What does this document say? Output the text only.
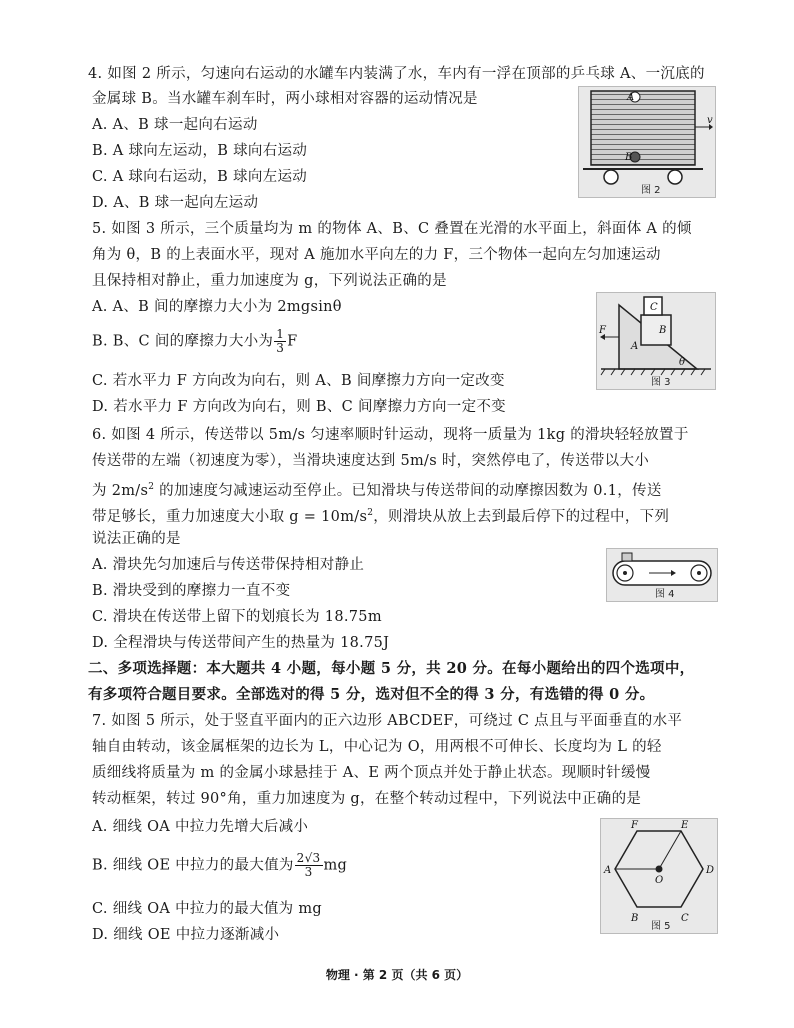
4. 如图 2 所示，匀速向右运动的水罐车内装满了水，车内有一浮在顶部的乒乓球 A、一沉底的
金属球 B。当水罐车刹车时，两小球相对容器的运动情况是
A. A、B 球一起向右运动
B. A 球向左运动，B 球向右运动
C. A 球向右运动，B 球向左运动
D. A、B 球一起向左运动
A
B
v
图 2
5. 如图 3 所示，三个质量均为 m 的物体 A、B、C 叠置在光滑的水平面上，斜面体 A 的倾
角为 θ，B 的上表面水平，现对 A 施加水平向左的力 F，三个物体一起向左匀加速运动
且保持相对静止，重力加速度为 g，下列说法正确的是
A. A、B 间的摩擦力大小为 2mgsinθ
B. B、C 间的摩擦力大小为 $\frac{1}{3}$ F
C. 若水平力 F 方向改为向右，则 A、B 间摩擦力方向一定改变
D. 若水平力 F 方向改为向右，则 B、C 间摩擦力方向一定不变
C
B
A
θ
F
图 3
6. 如图 4 所示，传送带以 5m/s 匀速率顺时针运动，现将一质量为 1kg 的滑块轻轻放置于
传送带的左端（初速度为零），当滑块速度达到 5m/s 时，突然停电了，传送带以大小
为 $2m/s^2$ 的加速度匀减速运动至停止。已知滑块与传送带间的动摩擦因数为 0.1，传送
带足够长，重力加速度大小取 $g = 10m/s^2$，则滑块从放上去到最后停下的过程中，下列
说法正确的是
A. 滑块先匀加速后与传送带保持相对静止
B. 滑块受到的摩擦力一直不变
C. 滑块在传送带上留下的划痕长为 18.75m
D. 全程滑块与传送带间产生的热量为 18.75J
图 4
二、多项选择题：本大题共 4 小题，每小题 5 分，共 20 分。在每小题给出的四个选项中，
有多项符合题目要求。全部选对的得 5 分，选对但不全的得 3 分，有选错的得 0 分。
7. 如图 5 所示，处于竖直平面内的正六边形 ABCDEF，可绕过 C 点且与平面垂直的水平
轴自由转动，该金属框架的边长为 L，中心记为 O，用两根不可伸长、长度均为 L 的轻
质细线将质量为 m 的金属小球悬挂于 A、E 两个顶点并处于静止状态。现顺时针缓慢
转动框架，转过 90°角，重力加速度为 g，在整个转动过程中，下列说法中正确的是
A. 细线 OA 中拉力先增大后减小
B. 细线 OE 中拉力的最大值为 $\frac{2√3}{3}$ mg
C. 细线 OA 中拉力的最大值为 mg
D. 细线 OE 中拉力逐渐减小
A
B	C
D
E
F
O
图 5
物理 · 第 2 页（共 6 页）
